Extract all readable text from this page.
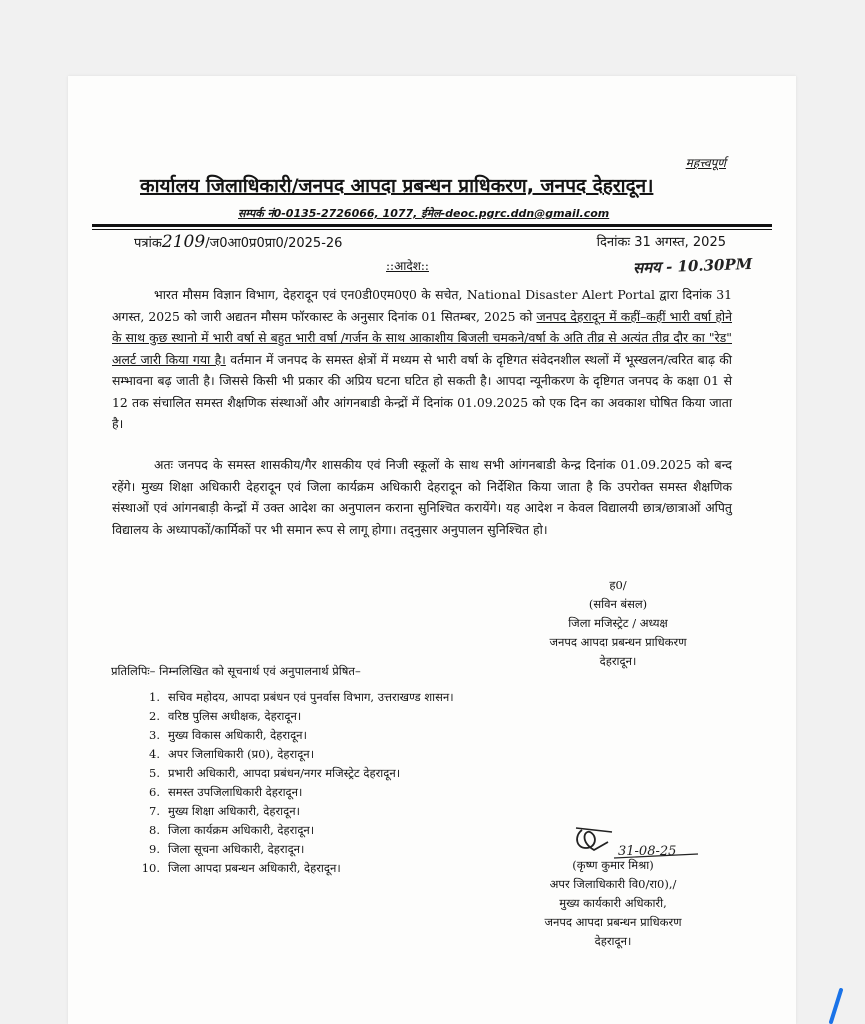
महत्त्वपूर्ण
कार्यालय जिलाधिकारी/जनपद आपदा प्रबन्धन प्राधिकरण, जनपद देहरादून।
सम्पर्क नं0-0135-2726066, 1077, ईमेल-deoc.pgrc.ddn@gmail.com
पत्रांक2109/ज0आ0प्र0प्रा0/2025-26	दिनांकः 31 अगस्त, 2025
::आदेश::	समय - 10.30PM

भारत मौसम विज्ञान विभाग, देहरादून एवं एन0डी0एम0ए0 के सचेत, National Disaster Alert Portal द्वारा दिनांक 31 अगस्त, 2025 को जारी अद्यतन मौसम फॉरकास्ट के अनुसार दिनांक 01 सितम्बर, 2025 को जनपद देहरादून में कहीं–कहीं भारी वर्षा होने के साथ कुछ स्थानो में भारी वर्षा से बहुत भारी वर्षा /गर्जन के साथ आकाशीय बिजली चमकने/वर्षा के अति तीव्र से अत्यंत तीव्र दौर का "रेड" अलर्ट जारी किया गया है। वर्तमान में जनपद के समस्त क्षेत्रों में मध्यम से भारी वर्षा के दृष्टिगत संवेदनशील स्थलों में भूस्खलन/त्वरित बाढ़ की सम्भावना बढ़ जाती है। जिससे किसी भी प्रकार की अप्रिय घटना घटित हो सकती है। आपदा न्यूनीकरण के दृष्टिगत जनपद के कक्षा 01 से 12 तक संचालित समस्त शैक्षणिक संस्थाओं और आंगनबाडी केन्द्रों में दिनांक 01.09.2025 को एक दिन का अवकाश घोषित किया जाता है।

अतः जनपद के समस्त शासकीय/गैर शासकीय एवं निजी स्कूलों के साथ सभी आंगनबाडी केन्द्र दिनांक 01.09.2025 को बन्द रहेंगे। मुख्य शिक्षा अधिकारी देहरादून एवं जिला कार्यक्रम अधिकारी देहरादून को निर्देशित किया जाता है कि उपरोक्त समस्त शैक्षणिक संस्थाओं एवं आंगनबाड़ी केन्द्रों में उक्त आदेश का अनुपालन कराना सुनिश्चित करायेंगे। यह आदेश न केवल विद्यालयी छात्र/छात्राओं अपितु विद्यालय के अध्यापकों/कार्मिकों पर भी समान रूप से लागू होगा। तद्नुसार अनुपालन सुनिश्चित हो।

ह0/
(सविन बंसल)
जिला मजिस्ट्रेट / अध्यक्ष
जनपद आपदा प्रबन्धन प्राधिकरण
देहरादून।
प्रतिलिपिः– निम्नलिखित को सूचनार्थ एवं अनुपालनार्थ प्रेषित–
1. सचिव महोदय, आपदा प्रबंधन एवं पुनर्वास विभाग, उत्तराखण्ड शासन।
2. वरिष्ठ पुलिस अधीक्षक, देहरादून।
3. मुख्य विकास अधिकारी, देहरादून।
4. अपर जिलाधिकारी (प्र0), देहरादून।
5. प्रभारी अधिकारी, आपदा प्रबंधन/नगर मजिस्ट्रेट देहरादून।
6. समस्त उपजिलाधिकारी देहरादून।
7. मुख्य शिक्षा अधिकारी, देहरादून।
8. जिला कार्यक्रम अधिकारी, देहरादून।
9. जिला सूचना अधिकारी, देहरादून।
10. जिला आपदा प्रबन्धन अधिकारी, देहरादून।
31-08-25
(कृष्ण कुमार मिश्रा)
अपर जिलाधिकारी वि0/रा0),/
मुख्य कार्यकारी अधिकारी,
जनपद आपदा प्रबन्धन प्राधिकरण
देहरादून।
